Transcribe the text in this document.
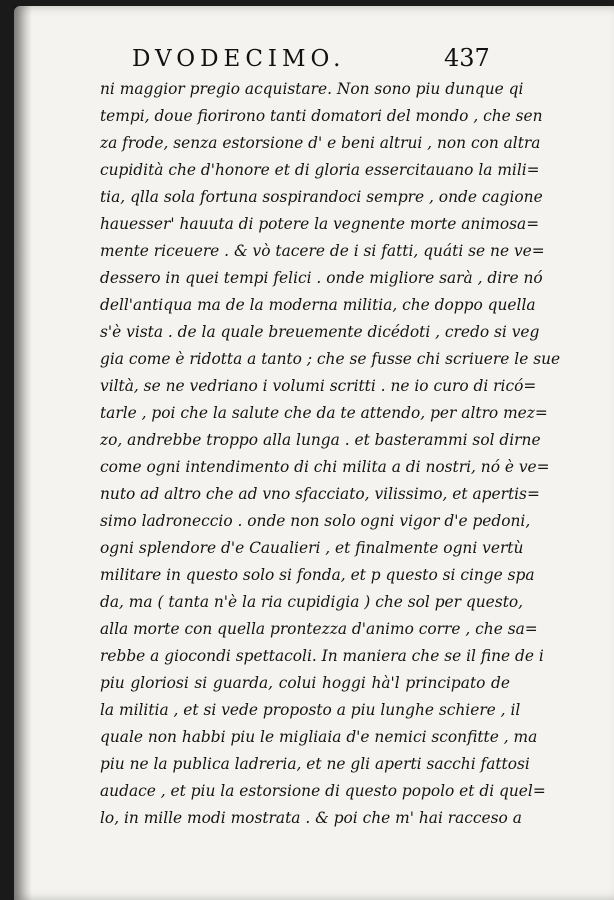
DVODECIMO.	437
ni maggior pregio acquistare. Non sono piu dunque qi
tempi, doue fiorirono tanti domatori del mondo , che sen
za frode, senza estorsione d' e beni altrui , non con altra
cupidità che d'honore et di gloria essercitauano la mili=
tia, qlla sola fortuna sospirandoci sempre , onde cagione
hauesser' hauuta di potere la vegnente morte animosa=
mente riceuere . & vò tacere de i si fatti, quáti se ne ve=
dessero in quei tempi felici . onde migliore sarà , dire nó
dell'antiqua ma de la moderna militia, che doppo quella
s'è vista . de la quale breuemente dicédoti , credo si veg
gia come è ridotta a tanto ; che se fusse chi scriuere le sue
viltà, se ne vedriano i volumi scritti . ne io curo di ricó=
tarle , poi che la salute che da te attendo, per altro mez=
zo, andrebbe troppo alla lunga . et basterammi sol dirne
come ogni intendimento di chi milita a di nostri, nó è ve=
nuto ad altro che ad vno sfacciato, vilissimo, et apertis=
simo ladroneccio . onde non solo ogni vigor d'e pedoni,
ogni splendore d'e Caualieri , et finalmente ogni vertù
militare in questo solo si fonda, et p questo si cinge spa
da, ma ( tanta n'è la ria cupidigia ) che sol per questo,
alla morte con quella prontezza d'animo corre , che sa=
rebbe a giocondi spettacoli. In maniera che se il fine de i
piu gloriosi si guarda, colui hoggi hà'l principato de
la militia , et si vede proposto a piu lunghe schiere , il
quale non habbi piu le migliaia d'e nemici sconfitte , ma
piu ne la publica ladreria, et ne gli aperti sacchi fattosi
audace , et piu la estorsione di questo popolo et di quel=
lo, in mille modi mostrata . & poi che m' hai racceso a
